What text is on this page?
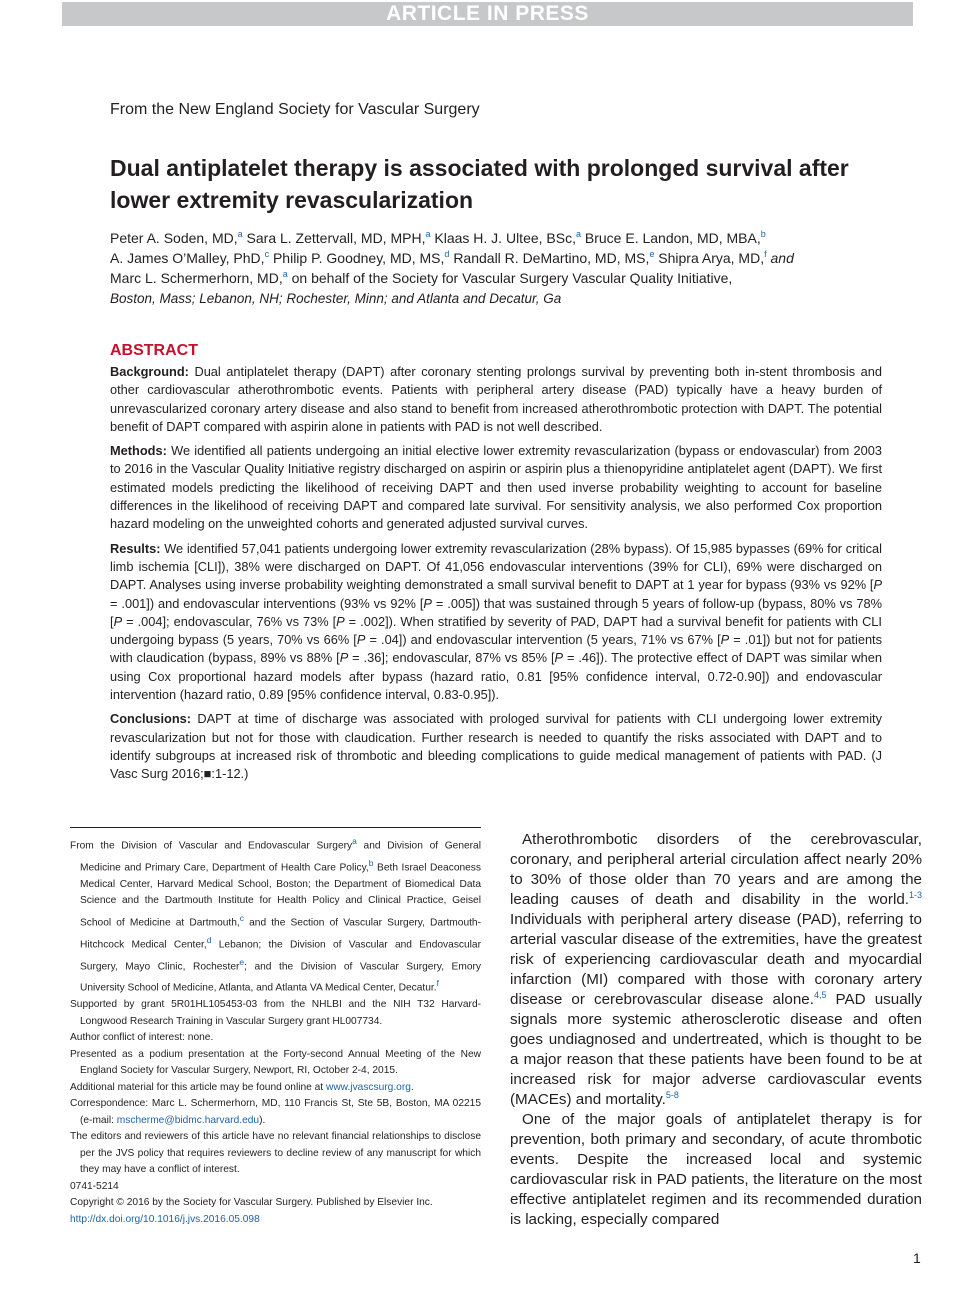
ARTICLE IN PRESS
From the New England Society for Vascular Surgery
Dual antiplatelet therapy is associated with prolonged survival after lower extremity revascularization
Peter A. Soden, MD,$^a$ Sara L. Zettervall, MD, MPH,$^a$ Klaas H. J. Ultee, BSc,$^a$ Bruce E. Landon, MD, MBA,$^b$
A. James O’Malley, PhD,$^c$ Philip P. Goodney, MD, MS,$^d$ Randall R. DeMartino, MD, MS,$^e$ Shipra Arya, MD,$^f$ and
Marc L. Schermerhorn, MD,$^a$ on behalf of the Society for Vascular Surgery Vascular Quality Initiative,
Boston, Mass; Lebanon, NH; Rochester, Minn; and Atlanta and Decatur, Ga
ABSTRACT

Background: Dual antiplatelet therapy (DAPT) after coronary stenting prolongs survival by preventing both in-stent thrombosis and other cardiovascular atherothrombotic events. Patients with peripheral artery disease (PAD) typically have a heavy burden of unrevascularized coronary artery disease and also stand to benefit from increased atherothrombotic protection with DAPT. The potential benefit of DAPT compared with aspirin alone in patients with PAD is not well described.

Methods: We identified all patients undergoing an initial elective lower extremity revascularization (bypass or endovascular) from 2003 to 2016 in the Vascular Quality Initiative registry discharged on aspirin or aspirin plus a thienopyridine antiplatelet agent (DAPT). We first estimated models predicting the likelihood of receiving DAPT and then used inverse probability weighting to account for baseline differences in the likelihood of receiving DAPT and compared late survival. For sensitivity analysis, we also performed Cox proportion hazard modeling on the unweighted cohorts and generated adjusted survival curves.

Results: We identified 57,041 patients undergoing lower extremity revascularization (28% bypass). Of 15,985 bypasses (69% for critical limb ischemia [CLI]), 38% were discharged on DAPT. Of 41,056 endovascular interventions (39% for CLI), 69% were discharged on DAPT. Analyses using inverse probability weighting demonstrated a small survival benefit to DAPT at 1 year for bypass (93% vs 92% [P = .001]) and endovascular interventions (93% vs 92% [P = .005]) that was sustained through 5 years of follow-up (bypass, 80% vs 78% [P = .004]; endovascular, 76% vs 73% [P = .002]). When stratified by severity of PAD, DAPT had a survival benefit for patients with CLI undergoing bypass (5 years, 70% vs 66% [P = .04]) and endovascular intervention (5 years, 71% vs 67% [P = .01]) but not for patients with claudication (bypass, 89% vs 88% [P = .36]; endovascular, 87% vs 85% [P = .46]). The protective effect of DAPT was similar when using Cox proportional hazard models after bypass (hazard ratio, 0.81 [95% confidence interval, 0.72-0.90]) and endovascular intervention (hazard ratio, 0.89 [95% confidence interval, 0.83-0.95]).

Conclusions: DAPT at time of discharge was associated with prologed survival for patients with CLI undergoing lower extremity revascularization but not for those with claudication. Further research is needed to quantify the risks associated with DAPT and to identify subgroups at increased risk of thrombotic and bleeding complications to guide medical management of patients with PAD. (J Vasc Surg 2016;■:1-12.)

From the Division of Vascular and Endovascular Surgery$^a$ and Division of General Medicine and Primary Care, Department of Health Care Policy,$^b$ Beth Israel Deaconess Medical Center, Harvard Medical School, Boston; the Department of Biomedical Data Science and the Dartmouth Institute for Health Policy and Clinical Practice, Geisel School of Medicine at Dartmouth,$^c$ and the Section of Vascular Surgery, Dartmouth-Hitchcock Medical Center,$^d$ Lebanon; the Division of Vascular and Endovascular Surgery, Mayo Clinic, Rochester$^e$; and the Division of Vascular Surgery, Emory University School of Medicine, Atlanta, and Atlanta VA Medical Center, Decatur.$^f$

Supported by grant 5R01HL105453-03 from the NHLBI and the NIH T32 Harvard-Longwood Research Training in Vascular Surgery grant HL007734.

Author conflict of interest: none.

Presented as a podium presentation at the Forty-second Annual Meeting of the New England Society for Vascular Surgery, Newport, RI, October 2-4, 2015.

Additional material for this article may be found online at www.jvascsurg.org.

Correspondence: Marc L. Schermerhorn, MD, 110 Francis St, Ste 5B, Boston, MA 02215 (e-mail: mscherme@bidmc.harvard.edu).

The editors and reviewers of this article have no relevant financial relationships to disclose per the JVS policy that requires reviewers to decline review of any manuscript for which they may have a conflict of interest.

0741-5214

Copyright © 2016 by the Society for Vascular Surgery. Published by Elsevier Inc.

http://dx.doi.org/10.1016/j.jvs.2016.05.098

Atherothrombotic disorders of the cerebrovascular, coronary, and peripheral arterial circulation affect nearly 20% to 30% of those older than 70 years and are among the leading causes of death and disability in the world.$^{1-3}$ Individuals with peripheral artery disease (PAD), referring to arterial vascular disease of the extremities, have the greatest risk of experiencing cardiovascular death and myocardial infarction (MI) compared with those with coronary artery disease or cerebrovascular disease alone.$^{4,5}$ PAD usually signals more systemic atherosclerotic disease and often goes undiagnosed and undertreated, which is thought to be a major reason that these patients have been found to be at increased risk for major adverse cardiovascular events (MACEs) and mortality.$^{5-8}$

One of the major goals of antiplatelet therapy is for prevention, both primary and secondary, of acute thrombotic events. Despite the increased local and systemic cardiovascular risk in PAD patients, the literature on the most effective antiplatelet regimen and its recommended duration is lacking, especially compared

1
